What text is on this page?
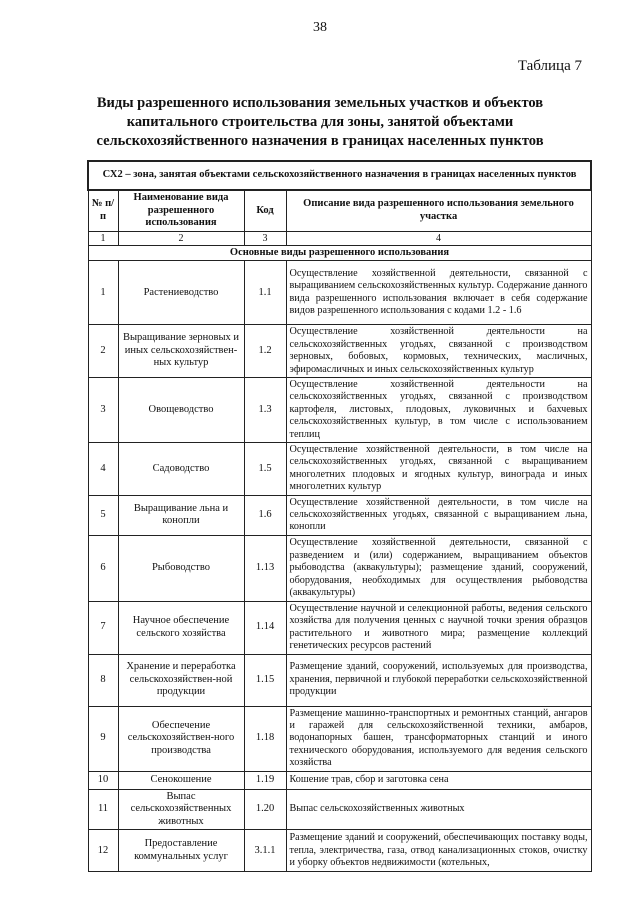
38
Таблица 7
Виды разрешенного использования земельных участков и объектов капитального строительства для зоны, занятой объектами сельскохозяйственного назначения в границах населенных пунктов
СХ2 – зона, занятая объектами сельскохозяйственного назначения в границах населенных пунктов			
№ п/п	Наименование вида разрешенного использования	Код	Описание вида разрешенного использования земельного участка
1	2	3	4
Основные виды разрешенного использования			
1	Растениеводство	1.1	Осуществление хозяйственной деятельности, связанной с выращиванием сельскохозяйственных культур. Содержание данного вида разрешенного использования включает в себя содержание видов разрешенного использования с кодами 1.2 - 1.6
2	Выращивание зерновых и иных сельскохозяйствен-ных культур	1.2	Осуществление хозяйственной деятельности на сельскохозяйственных угодьях, связанной с производством зерновых, бобовых, кормовых, технических, масличных, эфиромасличных и иных сельскохозяйственных культур
3	Овощеводство	1.3	Осуществление хозяйственной деятельности на сельскохозяйственных угодьях, связанной с производством картофеля, листовых, плодовых, луковичных и бахчевых сельскохозяйственных культур, в том числе с использованием теплиц
4	Садоводство	1.5	Осуществление хозяйственной деятельности, в том числе на сельскохозяйственных угодьях, связанной с выращиванием многолетних плодовых и ягодных культур, винограда и иных многолетних культур
5	Выращивание льна и конопли	1.6	Осуществление хозяйственной деятельности, в том числе на сельскохозяйственных угодьях, связанной с выращиванием льна, конопли
6	Рыбоводство	1.13	Осуществление хозяйственной деятельности, связанной с разведением и (или) содержанием, выращиванием объектов рыбоводства (аквакультуры); размещение зданий, сооружений, оборудования, необходимых для осуществления рыбоводства (аквакультуры)
7	Научное обеспечение сельского хозяйства	1.14	Осуществление научной и селекционной работы, ведения сельского хозяйства для получения ценных с научной точки зрения образцов растительного и животного мира; размещение коллекций генетических ресурсов растений
8	Хранение и переработка сельскохозяйствен-ной продукции	1.15	Размещение зданий, сооружений, используемых для производства, хранения, первичной и глубокой переработки сельскохозяйственной продукции
9	Обеспечение сельскохозяйствен-ного производства	1.18	Размещение машинно-транспортных и ремонтных станций, ангаров и гаражей для сельскохозяйственной техники, амбаров, водонапорных башен, трансформаторных станций и иного технического оборудования, используемого для ведения сельского хозяйства
10	Сенокошение	1.19	Кошение трав, сбор и заготовка сена
11	Выпас сельскохозяйственных животных	1.20	Выпас сельскохозяйственных животных
12	Предоставление коммунальных услуг	3.1.1	Размещение зданий и сооружений, обеспечивающих поставку воды, тепла, электричества, газа, отвод канализационных стоков, очистку и уборку объектов недвижимости (котельных,
